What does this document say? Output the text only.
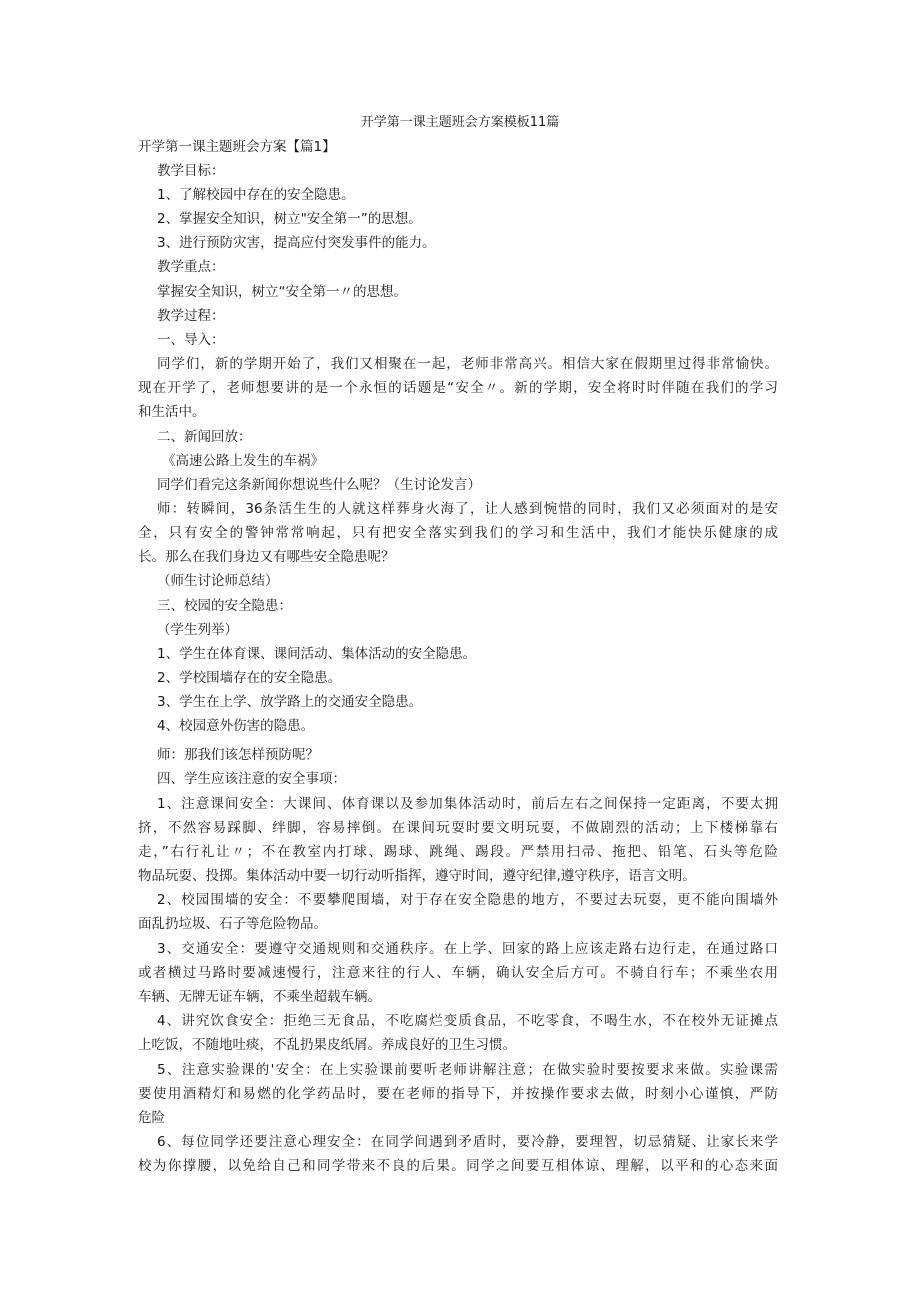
开学第一课主题班会方案模板11篇
开学第一课主题班会方案【篇1】
教学目标：
1、了解校园中存在的安全隐患。
2、掌握安全知识，树立"安全第一”的思想。
3、进行预防灾害，提高应付突发事件的能力。
教学重点：
掌握安全知识，树立“安全第一〃的思想。
教学过程：
一、导入：
同学们，新的学期开始了，我们又相聚在一起，老师非常高兴。相信大家在假期里过得非常愉快。
现在开学了，老师想要讲的是一个永恒的话题是“安全〃。新的学期，安全将时时伴随在我们的学习
和生活中。
二、新闻回放：
《高速公路上发生的车祸》
同学们看完这条新闻你想说些什么呢？（生讨论发言）
师：转瞬间，36条活生生的人就这样葬身火海了，让人感到惋惜的同时，我们又必须面对的是安
全，只有安全的警钟常常响起，只有把安全落实到我们的学习和生活中，我们才能快乐健康的成
长。那么在我们身边又有哪些安全隐患呢？
（师生讨论师总结）
三、校园的安全隐患：
（学生列举）
1、学生在体育课、课间活动、集体活动的安全隐患。
2、学校围墙存在的安全隐患。
3、学生在上学、放学路上的交通安全隐患。
4、校园意外伤害的隐患。
师：那我们该怎样预防呢？
四、学生应该注意的安全事项：
1、注意课间安全：大课间、体育课以及参加集体活动时，前后左右之间保持一定距离，不要太拥
挤，不然容易踩脚、绊脚，容易摔倒。在课间玩耍时要文明玩耍，不做剧烈的活动；上下楼梯靠右
走，”右行礼让〃；不在教室内打球、踢球、跳绳、踢段。严禁用扫帚、拖把、铅笔、石头等危险
物品玩耍、投掷。集体活动中要一切行动听指挥，遵守时间，遵守纪律,遵守秩序，语言文明。
2、校园围墙的安全：不要攀爬围墙，对于存在安全隐患的地方，不要过去玩耍，更不能向围墙外
面乱扔垃圾、石子等危险物品。
3、交通安全：要遵守交通规则和交通秩序。在上学、回家的路上应该走路右边行走，在通过路口
或者横过马路时要减速慢行，注意来往的行人、车辆，确认安全后方可。不骑自行车；不乘坐农用
车辆、无牌无证车辆，不乘坐超载车辆。
4、讲究饮食安全：拒绝三无食品，不吃腐烂变质食品，不吃零食，不喝生水，不在校外无证摊点
上吃饭，不随地吐痰，不乱扔果皮纸屑。养成良好的卫生习惯。
5、注意实验课的'安全：在上实验课前要听老师讲解注意；在做实验时要按要求来做。实验课需
要使用酒精灯和易燃的化学药品时，要在老师的指导下，并按操作要求去做，时刻小心谨慎，严防
危险
6、每位同学还要注意心理安全：在同学间遇到矛盾时，要冷静，要理智，切忌猜疑、让家长来学
校为你撑腰，以免给自己和同学带来不良的后果。同学之间要互相体谅、理解，以平和的心态来面
